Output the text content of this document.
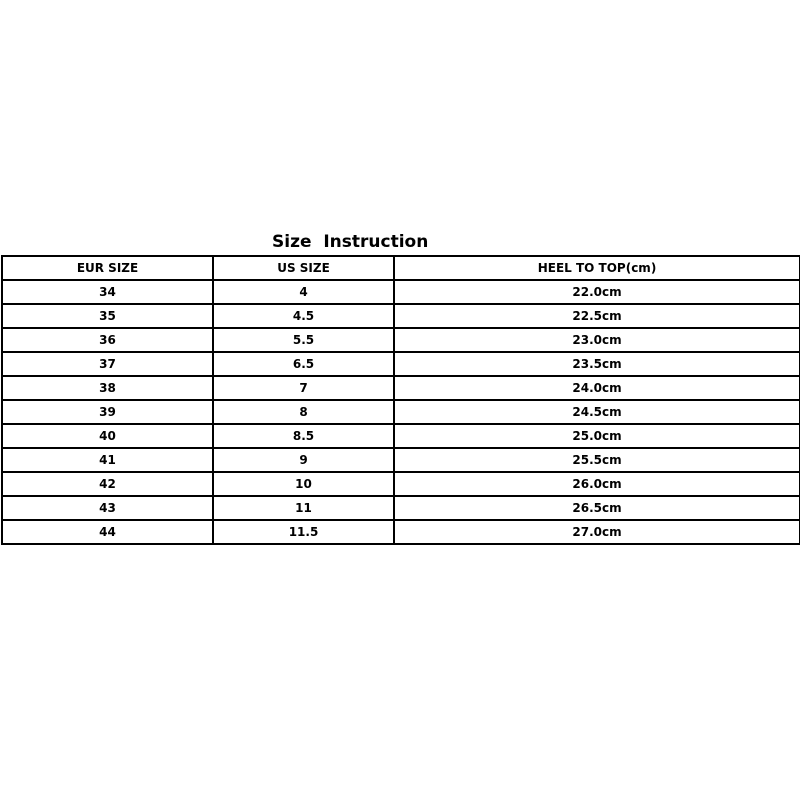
Size  Instruction
EUR SIZE	US SIZE	HEEL TO TOP(cm)
34	4	22.0cm
35	4.5	22.5cm
36	5.5	23.0cm
37	6.5	23.5cm
38	7	24.0cm
39	8	24.5cm
40	8.5	25.0cm
41	9	25.5cm
42	10	26.0cm
43	11	26.5cm
44	11.5	27.0cm
